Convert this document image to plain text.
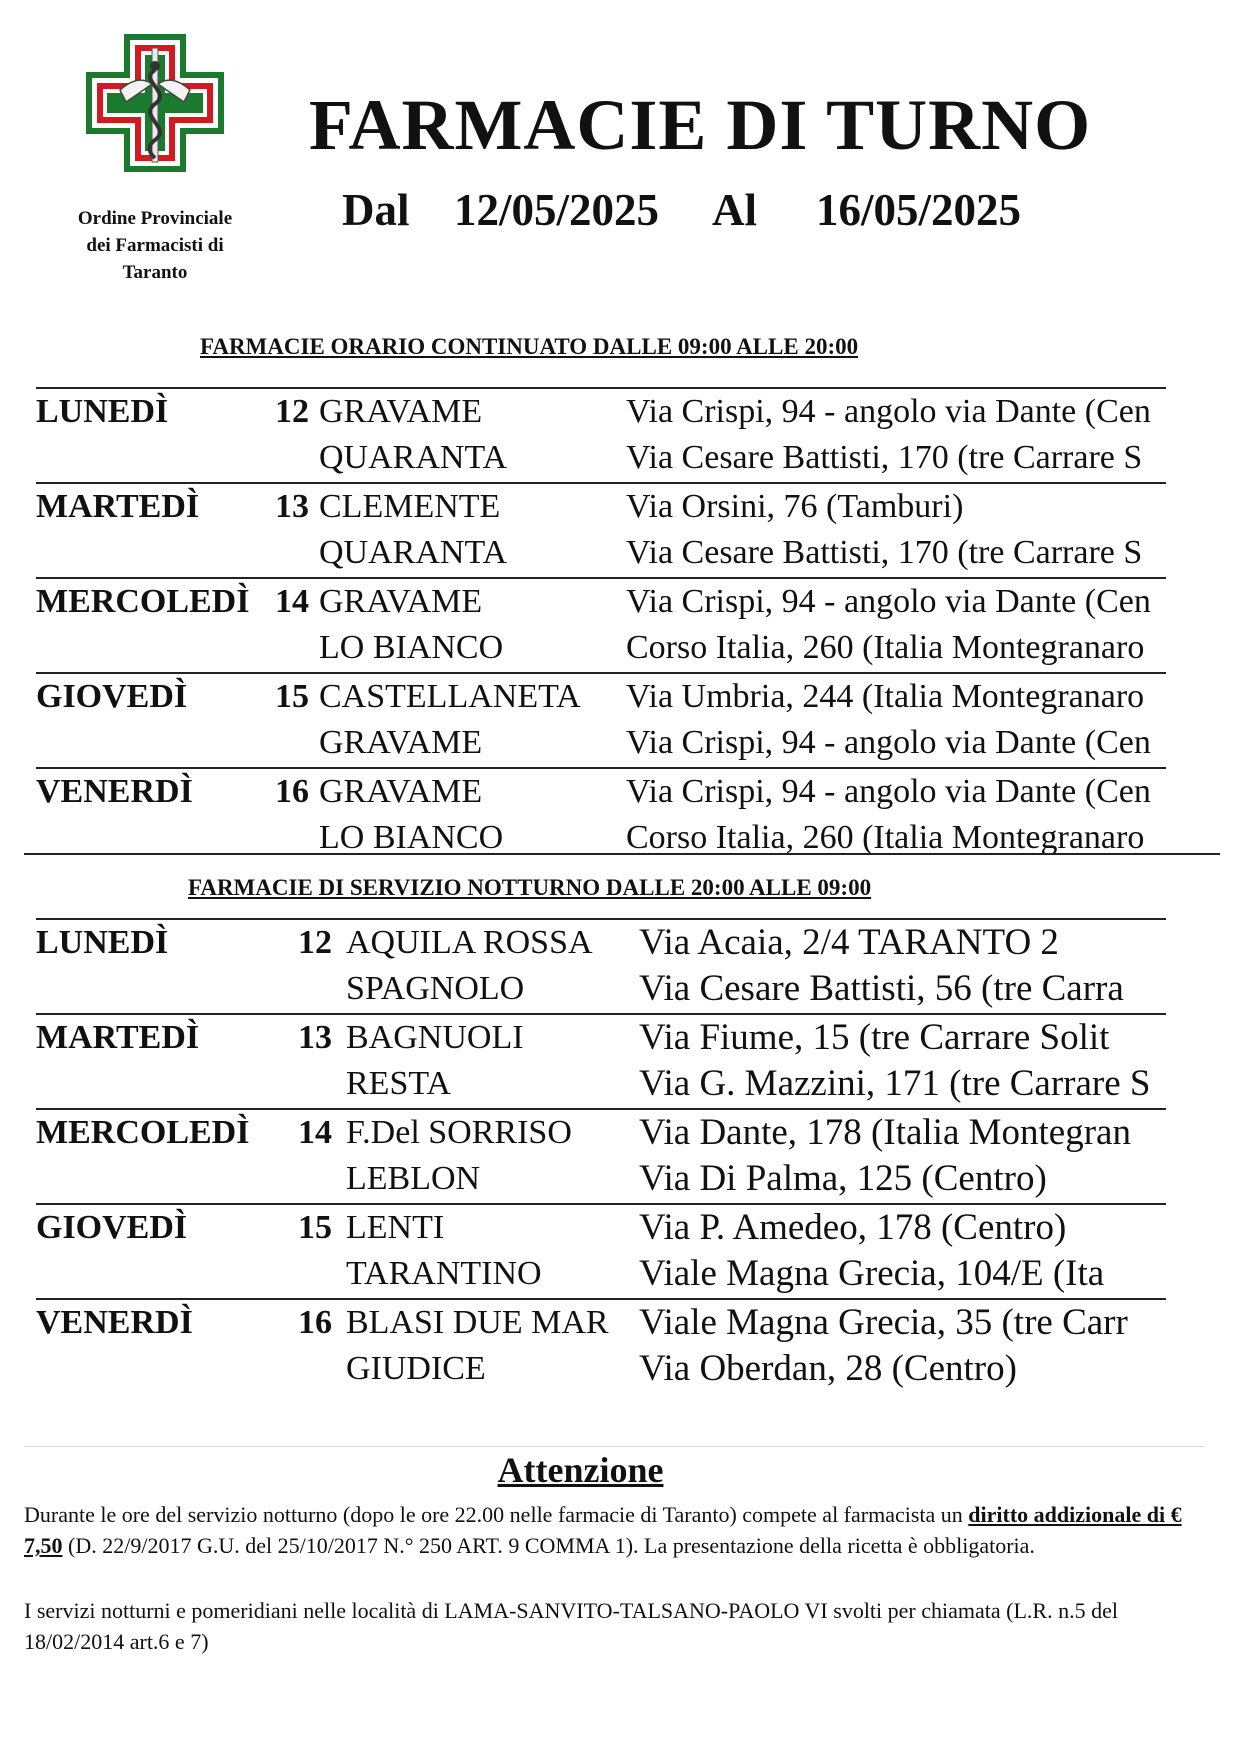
Ordine Provinciale
dei Farmacisti di
Taranto
FARMACIE DI TURNO
Dal 12/05/2025 Al 16/05/2025
FARMACIE ORARIO CONTINUATO DALLE 09:00 ALLE 20:00
LUNEDÌ	12 GRAVAME	Via Crispi, 94 - angolo via Dante (Cen
QUARANTA	Via Cesare Battisti, 170 (tre Carrare S
MARTEDÌ	13 CLEMENTE	Via Orsini, 76 (Tamburi)
QUARANTA	Via Cesare Battisti, 170 (tre Carrare S
MERCOLEDÌ 14 GRAVAME	Via Crispi, 94 - angolo via Dante (Cen
LO BIANCO	Corso Italia, 260 (Italia Montegranaro
GIOVEDÌ	15 CASTELLANETA Via Umbria, 244 (Italia Montegranaro
GRAVAME	Via Crispi, 94 - angolo via Dante (Cen
VENERDÌ	16 GRAVAME	Via Crispi, 94 - angolo via Dante (Cen
LO BIANCO	Corso Italia, 260 (Italia Montegranaro
FARMACIE DI SERVIZIO NOTTURNO DALLE 20:00 ALLE 09:00
LUNEDÌ	12 AQUILA ROSSA	Via Acaia, 2/4 TARANTO 2
SPAGNOLO	Via Cesare Battisti, 56 (tre Carra
MARTEDÌ	13 BAGNUOLI	Via Fiume, 15 (tre Carrare Solit
RESTA	Via G. Mazzini, 171 (tre Carrare S
MERCOLEDÌ	14 F.Del SORRISO	Via Dante, 178 (Italia Montegran
LEBLON	Via Di Palma, 125 (Centro)
GIOVEDÌ	15 LENTI	Via P. Amedeo, 178 (Centro)
TARANTINO	Viale Magna Grecia, 104/E (Ita
VENERDÌ	16 BLASI DUE MAR Viale Magna Grecia, 35 (tre Carr
GIUDICE	Via Oberdan, 28 (Centro)
Attenzione
Durante le ore del servizio notturno (dopo le ore 22.00 nelle farmacie di Taranto) compete al farmacista un diritto addizionale di € 7,50 (D. 22/9/2017 G.U. del 25/10/2017 N.° 250 ART. 9 COMMA 1). La presentazione della ricetta è obbligatoria.
I servizi notturni e pomeridiani nelle località di LAMA-SANVITO-TALSANO-PAOLO VI svolti per chiamata (L.R. n.5 del 18/02/2014 art.6 e 7)
